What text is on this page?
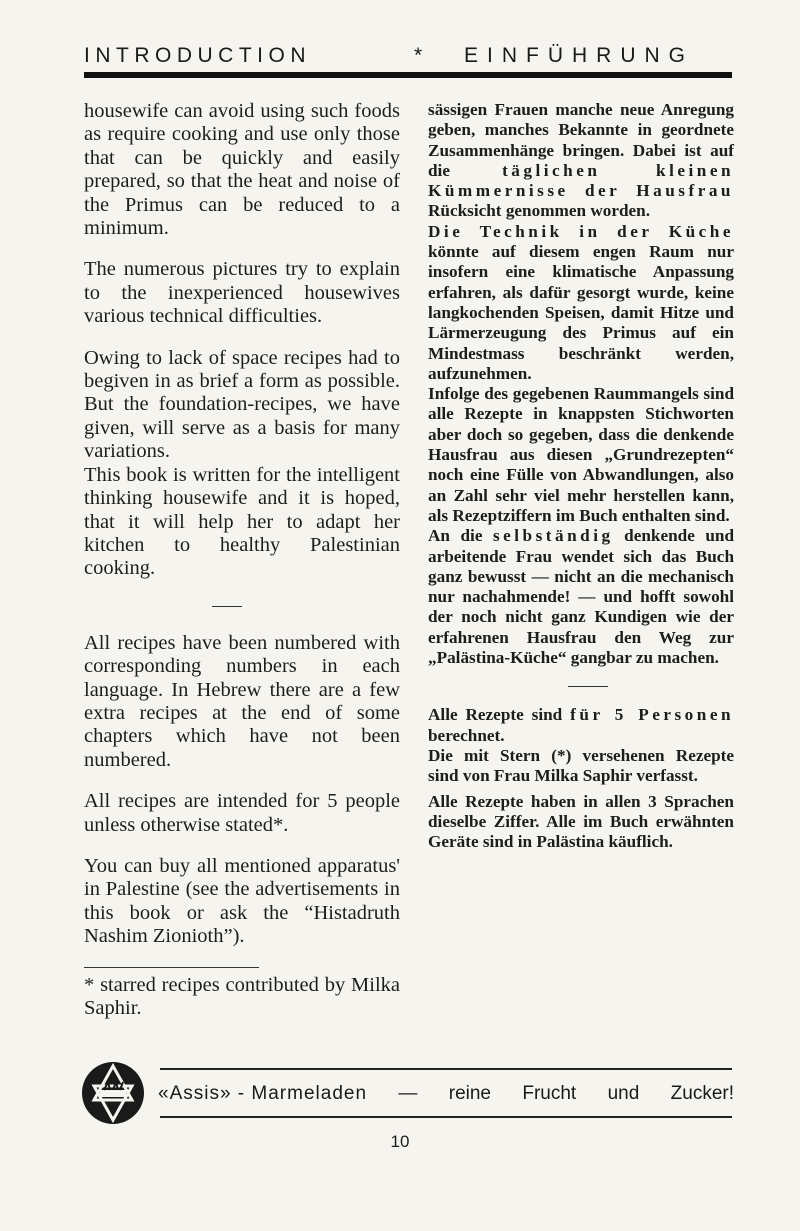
INTRODUCTION	* EINFÜHRUNG

housewife can avoid using such foods as require cooking and use only those that can be quickly and easily prepared, so that the heat and noise of the Primus can be reduced to a minimum.

The numerous pictures try to explain to the inexperienced housewives various technical difficulties.

Owing to lack of space recipes had to begiven in as brief a form as possible. But the foundation-recipes, we have given, will serve as a basis for many variations.

This book is written for the intelligent thinking housewife and it is hoped, that it will help her to adapt her kitchen to healthy Palestinian cooking.

All recipes have been numbered with corresponding numbers in each language. In Hebrew there are a few extra recipes at the end of some chapters which have not been numbered.

All recipes are intended for 5 people unless otherwise stated*.

You can buy all mentioned apparatus' in Palestine (see the advertisements in this book or ask the “Histadruth Nashim Zionioth”).

* starred recipes contributed by Milka Saphir.

sässigen Frauen manche neue Anregung geben, manches Bekannte in geordnete Zusammenhänge bringen. Dabei ist auf die	täglichen kleinen Kümmernisse der Hausfrau Rücksicht genommen worden.

Die Technik in der Küche könnte auf diesem engen Raum nur insofern eine klimatische Anpassung erfahren, als dafür gesorgt wurde, keine langkochenden Speisen, damit Hitze und Lärmerzeugung des Primus auf ein Mindestmass beschränkt werden, aufzunehmen.

Infolge des gegebenen Raummangels sind alle Rezepte in knappsten Stichworten aber doch so gegeben, dass die denkende Hausfrau aus diesen „Grundrezepten“ noch eine Fülle von Abwandlungen, also an Zahl sehr viel mehr herstellen kann, als Rezeptziffern im Buch enthalten sind.

An die selbständig denkende und arbeitende Frau wendet sich das Buch ganz bewusst — nicht an die mechanisch nur nachahmende! — und hofft sowohl der noch nicht ganz Kundigen wie der erfahrenen Hausfrau den Weg zur „Palästina-Küche“ gangbar zu machen.

Alle Rezepte sind für 5 Personen berechnet.

Die mit Stern (*) versehenen Rezepte sind von Frau Milka Saphir verfasst.

Alle Rezepte haben in allen 3 Sprachen dieselbe Ziffer. Alle im Buch erwähnten Geräte sind in Palästina käuflich.

«Assis» - Marmeladen — reine Frucht und Zucker!
10
